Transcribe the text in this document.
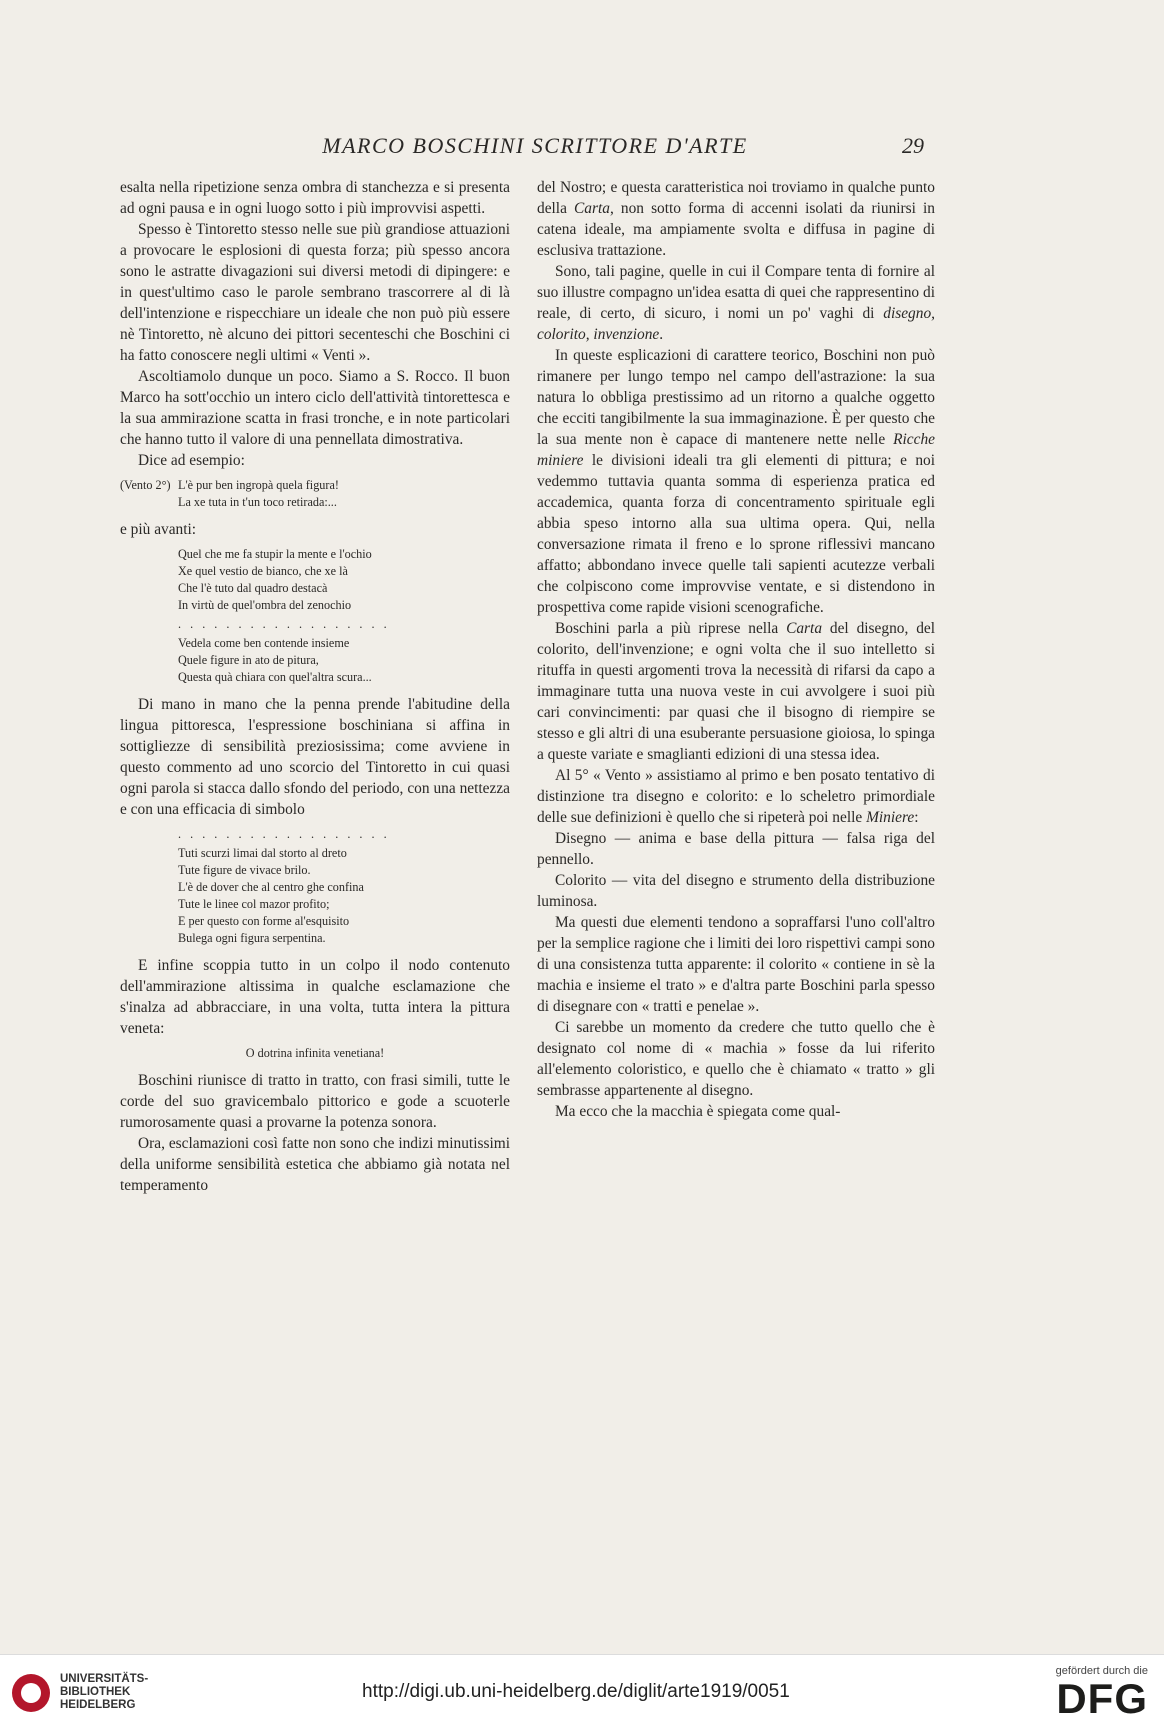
MARCO BOSCHINI SCRITTORE D'ARTE	29

esalta nella ripetizione senza ombra di stanchezza e si presenta ad ogni pausa e in ogni luogo sotto i più improvvisi aspetti.

Spesso è Tintoretto stesso nelle sue più grandiose attuazioni a provocare le esplosioni di questa forza; più spesso ancora sono le astratte divagazioni sui diversi metodi di dipingere: e in quest'ultimo caso le parole sembrano trascorrere al di là dell'intenzione e rispecchiare un ideale che non può più essere nè Tintoretto, nè alcuno dei pittori secenteschi che Boschini ci ha fatto conoscere negli ultimi « Venti ».

Ascoltiamolo dunque un poco. Siamo a S. Rocco. Il buon Marco ha sott'occhio un intero ciclo dell'attività tintorettesca e la sua ammirazione scatta in frasi tronche, e in note particolari che hanno tutto il valore di una pennellata dimostrativa.

Dice ad esempio:

(Vento 2°) L'è pur ben ingropà quela figura!
La xe tuta in t'un toco retirada:...

e più avanti:

Quel che me fa stupir la mente e l'ochio
Xe quel vestio de bianco, che xe là
Che l'è tuto dal quadro destacà
In virtù de quel'ombra del zenochio
. . . . . . . . . . . . . . . . . .
Vedela come ben contende insieme
Quele figure in ato de pitura,
Questa quà chiara con quel'altra scura...

Di mano in mano che la penna prende l'abitudine della lingua pittoresca, l'espressione boschiniana si affina in sottigliezze di sensibilità preziosissima; come avviene in questo commento ad uno scorcio del Tintoretto in cui quasi ogni parola si stacca dallo sfondo del periodo, con una nettezza e con una efficacia di simbolo

. . . . . . . . . . . . . . . . . .
Tuti scurzi limai dal storto al dreto
Tute figure de vivace brilo.
L'è de dover che al centro ghe confina
Tute le linee col mazor profito;
E per questo con forme al'esquisito
Bulega ogni figura serpentina.

E infine scoppia tutto in un colpo il nodo contenuto dell'ammirazione altissima in qualche esclamazione che s'inalza ad abbracciare, in una volta, tutta intera la pittura veneta:

O dotrina infinita venetiana!

Boschini riunisce di tratto in tratto, con frasi simili, tutte le corde del suo gravicembalo pittorico e gode a scuoterle rumorosamente quasi a provarne la potenza sonora.

Ora, esclamazioni così fatte non sono che indizi minutissimi della uniforme sensibilità estetica che abbiamo già notata nel temperamento

del Nostro; e questa caratteristica noi troviamo in qualche punto della Carta, non sotto forma di accenni isolati da riunirsi in catena ideale, ma ampiamente svolta e diffusa in pagine di esclusiva trattazione.

Sono, tali pagine, quelle in cui il Compare tenta di fornire al suo illustre compagno un'idea esatta di quei che rappresentino di reale, di certo, di sicuro, i nomi un po' vaghi di disegno, colorito, invenzione.

In queste esplicazioni di carattere teorico, Boschini non può rimanere per lungo tempo nel campo dell'astrazione: la sua natura lo obbliga prestissimo ad un ritorno a qualche oggetto che ecciti tangibilmente la sua immaginazione. È per questo che la sua mente non è capace di mantenere nette nelle Ricche miniere le divisioni ideali tra gli elementi di pittura; e noi vedemmo tuttavia quanta somma di esperienza pratica ed accademica, quanta forza di concentramento spirituale egli abbia speso intorno alla sua ultima opera. Qui, nella conversazione rimata il freno e lo sprone riflessivi mancano affatto; abbondano invece quelle tali sapienti acutezze verbali che colpiscono come improvvise ventate, e si distendono in prospettiva come rapide visioni scenografiche.

Boschini parla a più riprese nella Carta del disegno, del colorito, dell'invenzione; e ogni volta che il suo intelletto si rituffa in questi argomenti trova la necessità di rifarsi da capo a immaginare tutta una nuova veste in cui avvolgere i suoi più cari convincimenti: par quasi che il bisogno di riempire se stesso e gli altri di una esuberante persuasione gioiosa, lo spinga a queste variate e smaglianti edizioni di una stessa idea.

Al 5° « Vento » assistiamo al primo e ben posato tentativo di distinzione tra disegno e colorito: e lo scheletro primordiale delle sue definizioni è quello che si ripeterà poi nelle Miniere:

Disegno — anima e base della pittura — falsa riga del pennello.

Colorito — vita del disegno e strumento della distribuzione luminosa.

Ma questi due elementi tendono a sopraffarsi l'uno coll'altro per la semplice ragione che i limiti dei loro rispettivi campi sono di una consistenza tutta apparente: il colorito « contiene in sè la machia e insieme el trato » e d'altra parte Boschini parla spesso di disegnare con « tratti e penelae ».

Ci sarebbe un momento da credere che tutto quello che è designato col nome di « machia » fosse da lui riferito all'elemento coloristico, e quello che è chiamato « tratto » gli sembrasse appartenente al disegno.

Ma ecco che la macchia è spiegata come qual-

UNIVERSITÄTS-
BIBLIOTHEK
HEIDELBERG
http://digi.ub.uni-heidelberg.de/diglit/arte1919/0051
gefördert durch die
DFG
